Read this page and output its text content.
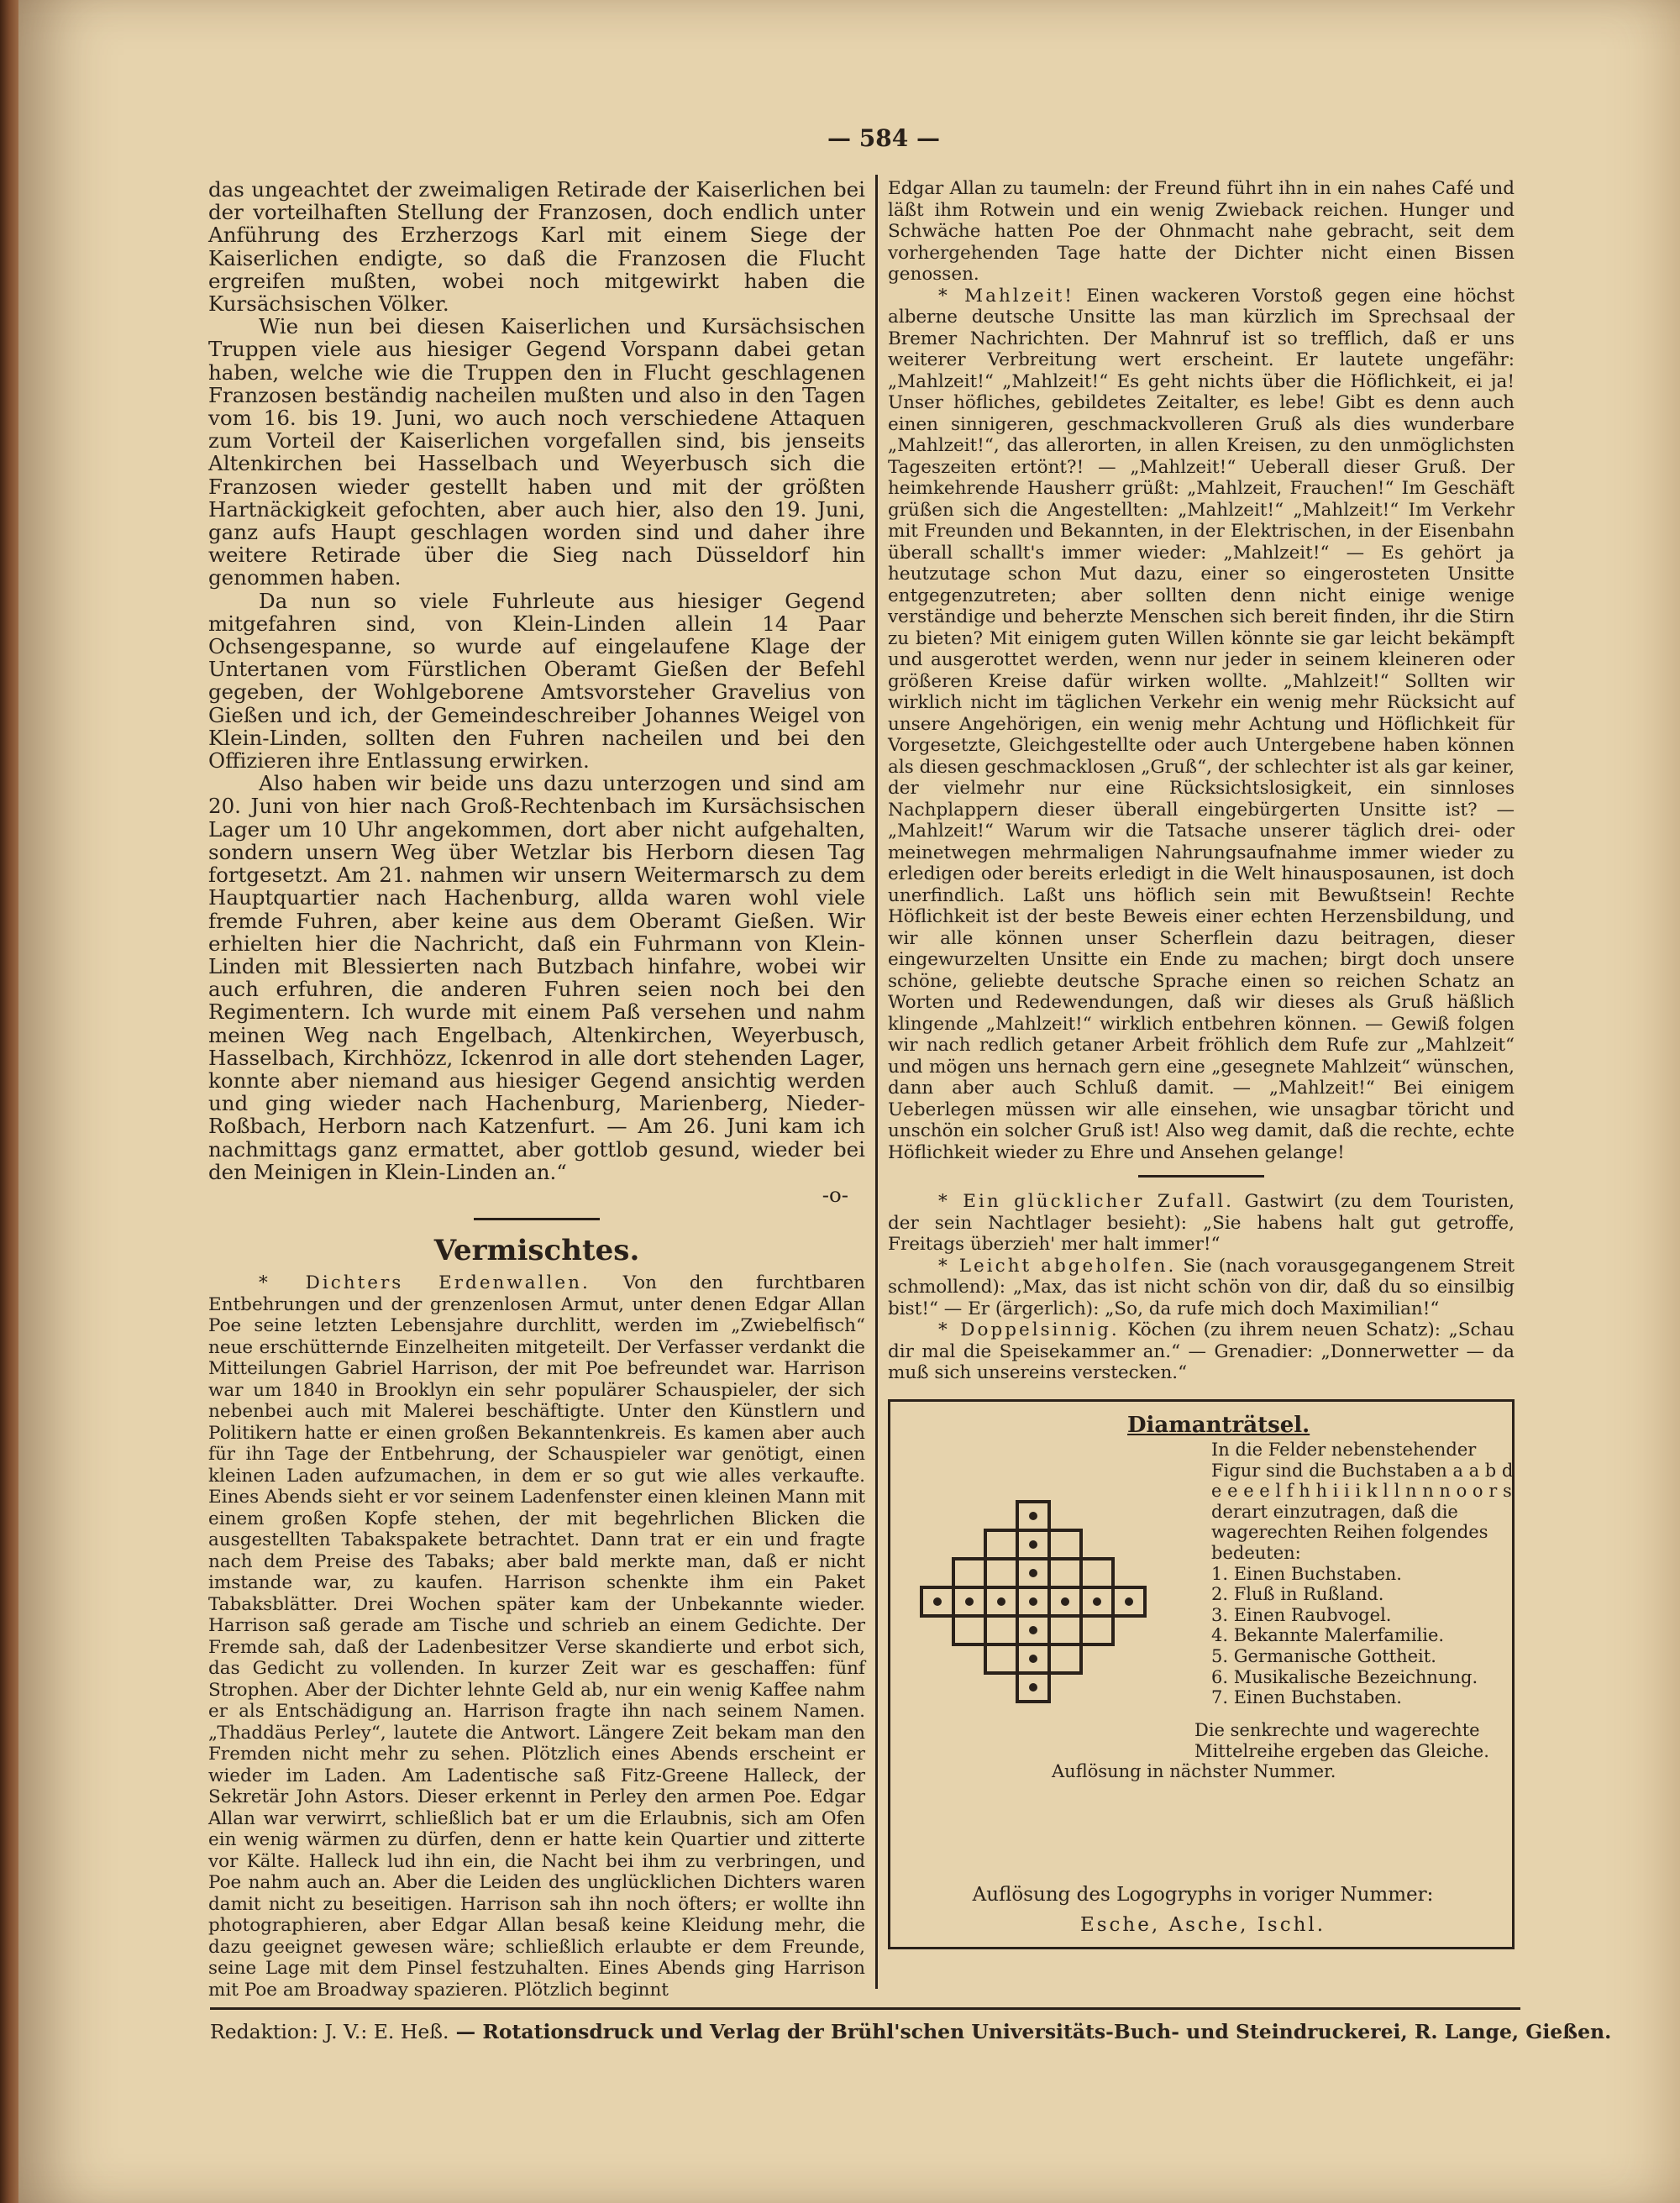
— 584 —

das ungeachtet der zweimaligen Retirade der Kaiserlichen bei der vorteilhaften Stellung der Franzosen, doch endlich unter Anführung des Erzherzogs Karl mit einem Siege der Kaiserlichen endigte, so daß die Franzosen die Flucht ergreifen mußten, wobei noch mitgewirkt haben die Kursächsischen Völker.

Wie nun bei diesen Kaiserlichen und Kursächsischen Truppen viele aus hiesiger Gegend Vorspann dabei getan haben, welche wie die Truppen den in Flucht geschlagenen Franzosen beständig nacheilen mußten und also in den Tagen vom 16. bis 19. Juni, wo auch noch verschiedene Attaquen zum Vorteil der Kaiserlichen vorgefallen sind, bis jenseits Altenkirchen bei Hasselbach und Weyerbusch sich die Franzosen wieder gestellt haben und mit der größten Hartnäckigkeit gefochten, aber auch hier, also den 19. Juni, ganz aufs Haupt geschlagen worden sind und daher ihre weitere Retirade über die Sieg nach Düsseldorf hin genommen haben.

Da nun so viele Fuhrleute aus hiesiger Gegend mitgefahren sind, von Klein-Linden allein 14 Paar Ochsengespanne, so wurde auf eingelaufene Klage der Untertanen vom Fürstlichen Oberamt Gießen der Befehl gegeben, der Wohlgeborene Amtsvorsteher Gravelius von Gießen und ich, der Gemeindeschreiber Johannes Weigel von Klein-Linden, sollten den Fuhren nacheilen und bei den Offizieren ihre Entlassung erwirken.

Also haben wir beide uns dazu unterzogen und sind am 20. Juni von hier nach Groß-Rechtenbach im Kursächsischen Lager um 10 Uhr angekommen, dort aber nicht aufgehalten, sondern unsern Weg über Wetzlar bis Herborn diesen Tag fortgesetzt. Am 21. nahmen wir unsern Weitermarsch zu dem Hauptquartier nach Hachenburg, allda waren wohl viele fremde Fuhren, aber keine aus dem Oberamt Gießen. Wir erhielten hier die Nachricht, daß ein Fuhrmann von Klein-Linden mit Blessierten nach Butzbach hinfahre, wobei wir auch erfuhren, die anderen Fuhren seien noch bei den Regimentern. Ich wurde mit einem Paß versehen und nahm meinen Weg nach Engelbach, Altenkirchen, Weyerbusch, Hasselbach, Kirchhözz, Ickenrod in alle dort stehenden Lager, konnte aber niemand aus hiesiger Gegend ansichtig werden und ging wieder nach Hachenburg, Marienberg, Nieder-Roßbach, Herborn nach Katzenfurt. — Am 26. Juni kam ich nachmittags ganz ermattet, aber gottlob gesund, wieder bei den Meinigen in Klein-Linden an.“

-o-

Vermischtes.

* Dichters Erdenwallen. Von den furchtbaren Entbehrungen und der grenzenlosen Armut, unter denen Edgar Allan Poe seine letzten Lebensjahre durchlitt, werden im „Zwiebelfisch“ neue erschütternde Einzelheiten mitgeteilt. Der Verfasser verdankt die Mitteilungen Gabriel Harrison, der mit Poe befreundet war. Harrison war um 1840 in Brooklyn ein sehr populärer Schauspieler, der sich nebenbei auch mit Malerei beschäftigte. Unter den Künstlern und Politikern hatte er einen großen Bekanntenkreis. Es kamen aber auch für ihn Tage der Entbehrung, der Schauspieler war genötigt, einen kleinen Laden aufzumachen, in dem er so gut wie alles verkaufte. Eines Abends sieht er vor seinem Ladenfenster einen kleinen Mann mit einem großen Kopfe stehen, der mit begehrlichen Blicken die ausgestellten Tabakspakete betrachtet. Dann trat er ein und fragte nach dem Preise des Tabaks; aber bald merkte man, daß er nicht imstande war, zu kaufen. Harrison schenkte ihm ein Paket Tabaksblätter. Drei Wochen später kam der Unbekannte wieder. Harrison saß gerade am Tische und schrieb an einem Gedichte. Der Fremde sah, daß der Ladenbesitzer Verse skandierte und erbot sich, das Gedicht zu vollenden. In kurzer Zeit war es geschaffen: fünf Strophen. Aber der Dichter lehnte Geld ab, nur ein wenig Kaffee nahm er als Entschädigung an. Harrison fragte ihn nach seinem Namen. „Thaddäus Perley“, lautete die Antwort. Längere Zeit bekam man den Fremden nicht mehr zu sehen. Plötzlich eines Abends erscheint er wieder im Laden. Am Ladentische saß Fitz-Greene Halleck, der Sekretär John Astors. Dieser erkennt in Perley den armen Poe. Edgar Allan war verwirrt, schließlich bat er um die Erlaubnis, sich am Ofen ein wenig wärmen zu dürfen, denn er hatte kein Quartier und zitterte vor Kälte. Halleck lud ihn ein, die Nacht bei ihm zu verbringen, und Poe nahm auch an. Aber die Leiden des unglücklichen Dichters waren damit nicht zu beseitigen. Harrison sah ihn noch öfters; er wollte ihn photographieren, aber Edgar Allan besaß keine Kleidung mehr, die dazu geeignet gewesen wäre; schließlich erlaubte er dem Freunde, seine Lage mit dem Pinsel festzuhalten. Eines Abends ging Harrison mit Poe am Broadway spazieren. Plötzlich beginnt

Edgar Allan zu taumeln: der Freund führt ihn in ein nahes Café und läßt ihm Rotwein und ein wenig Zwieback reichen. Hunger und Schwäche hatten Poe der Ohnmacht nahe gebracht, seit dem vorhergehenden Tage hatte der Dichter nicht einen Bissen genossen.

* Mahlzeit! Einen wackeren Vorstoß gegen eine höchst alberne deutsche Unsitte las man kürzlich im Sprechsaal der Bremer Nachrichten. Der Mahnruf ist so trefflich, daß er uns weiterer Verbreitung wert erscheint. Er lautete ungefähr: „Mahlzeit!“ „Mahlzeit!“ Es geht nichts über die Höflichkeit, ei ja! Unser höfliches, gebildetes Zeitalter, es lebe! Gibt es denn auch einen sinnigeren, geschmackvolleren Gruß als dies wunderbare „Mahlzeit!“, das allerorten, in allen Kreisen, zu den unmöglichsten Tageszeiten ertönt?! — „Mahlzeit!“ Ueberall dieser Gruß. Der heimkehrende Hausherr grüßt: „Mahlzeit, Frauchen!“ Im Geschäft grüßen sich die Angestellten: „Mahlzeit!“ „Mahlzeit!“ Im Verkehr mit Freunden und Bekannten, in der Elektrischen, in der Eisenbahn überall schallt's immer wieder: „Mahlzeit!“ — Es gehört ja heutzutage schon Mut dazu, einer so eingerosteten Unsitte entgegenzutreten; aber sollten denn nicht einige wenige verständige und beherzte Menschen sich bereit finden, ihr die Stirn zu bieten? Mit einigem guten Willen könnte sie gar leicht bekämpft und ausgerottet werden, wenn nur jeder in seinem kleineren oder größeren Kreise dafür wirken wollte. „Mahlzeit!“ Sollten wir wirklich nicht im täglichen Verkehr ein wenig mehr Rücksicht auf unsere Angehörigen, ein wenig mehr Achtung und Höflichkeit für Vorgesetzte, Gleichgestellte oder auch Untergebene haben können als diesen geschmacklosen „Gruß“, der schlechter ist als gar keiner, der vielmehr nur eine Rücksichtslosigkeit, ein sinnloses Nachplappern dieser überall eingebürgerten Unsitte ist? — „Mahlzeit!“ Warum wir die Tatsache unserer täglich drei- oder meinetwegen mehrmaligen Nahrungsaufnahme immer wieder zu erledigen oder bereits erledigt in die Welt hinausposaunen, ist doch unerfindlich. Laßt uns höflich sein mit Bewußtsein! Rechte Höflichkeit ist der beste Beweis einer echten Herzensbildung, und wir alle können unser Scherflein dazu beitragen, dieser eingewurzelten Unsitte ein Ende zu machen; birgt doch unsere schöne, geliebte deutsche Sprache einen so reichen Schatz an Worten und Redewendungen, daß wir dieses als Gruß häßlich klingende „Mahlzeit!“ wirklich entbehren können. — Gewiß folgen wir nach redlich getaner Arbeit fröhlich dem Rufe zur „Mahlzeit“ und mögen uns hernach gern eine „gesegnete Mahlzeit“ wünschen, dann aber auch Schluß damit. — „Mahlzeit!“ Bei einigem Ueberlegen müssen wir alle einsehen, wie unsagbar töricht und unschön ein solcher Gruß ist! Also weg damit, daß die rechte, echte Höflichkeit wieder zu Ehre und Ansehen gelange!

* Ein glücklicher Zufall. Gastwirt (zu dem Touristen, der sein Nachtlager besieht): „Sie habens halt gut getroffe, Freitags überzieh' mer halt immer!“

* Leicht abgeholfen. Sie (nach vorausgegangenem Streit schmollend): „Max, das ist nicht schön von dir, daß du so einsilbig bist!“ — Er (ärgerlich): „So, da rufe mich doch Maximilian!“

* Doppelsinnig. Köchen (zu ihrem neuen Schatz): „Schau dir mal die Speisekammer an.“ — Grenadier: „Donnerwetter — da muß sich unsereins verstecken.“

Diamanträtsel.
In die Felder nebenstehender Figur sind die Buchstaben a a b d e e e e l f h h i i i k l l n n n o o r s derart einzutragen, daß die wagerechten Reihen folgendes bedeuten:
1. Einen Buchstaben.
2. Fluß in Rußland.
3. Einen Raubvogel.
4. Bekannte Malerfamilie.
5. Germanische Gottheit.
6. Musikalische Bezeichnung.
7. Einen Buchstaben.
Die senkrechte und wagerechte Mittelreihe ergeben das Gleiche.
Auflösung in nächster Nummer.
Auflösung des Logogryphs in voriger Nummer:
Esche, Asche, Ischl.
Redaktion: J. V.: E. Heß. — Rotationsdruck und Verlag der Brühl'schen Universitäts-Buch- und Steindruckerei, R. Lange, Gießen.
